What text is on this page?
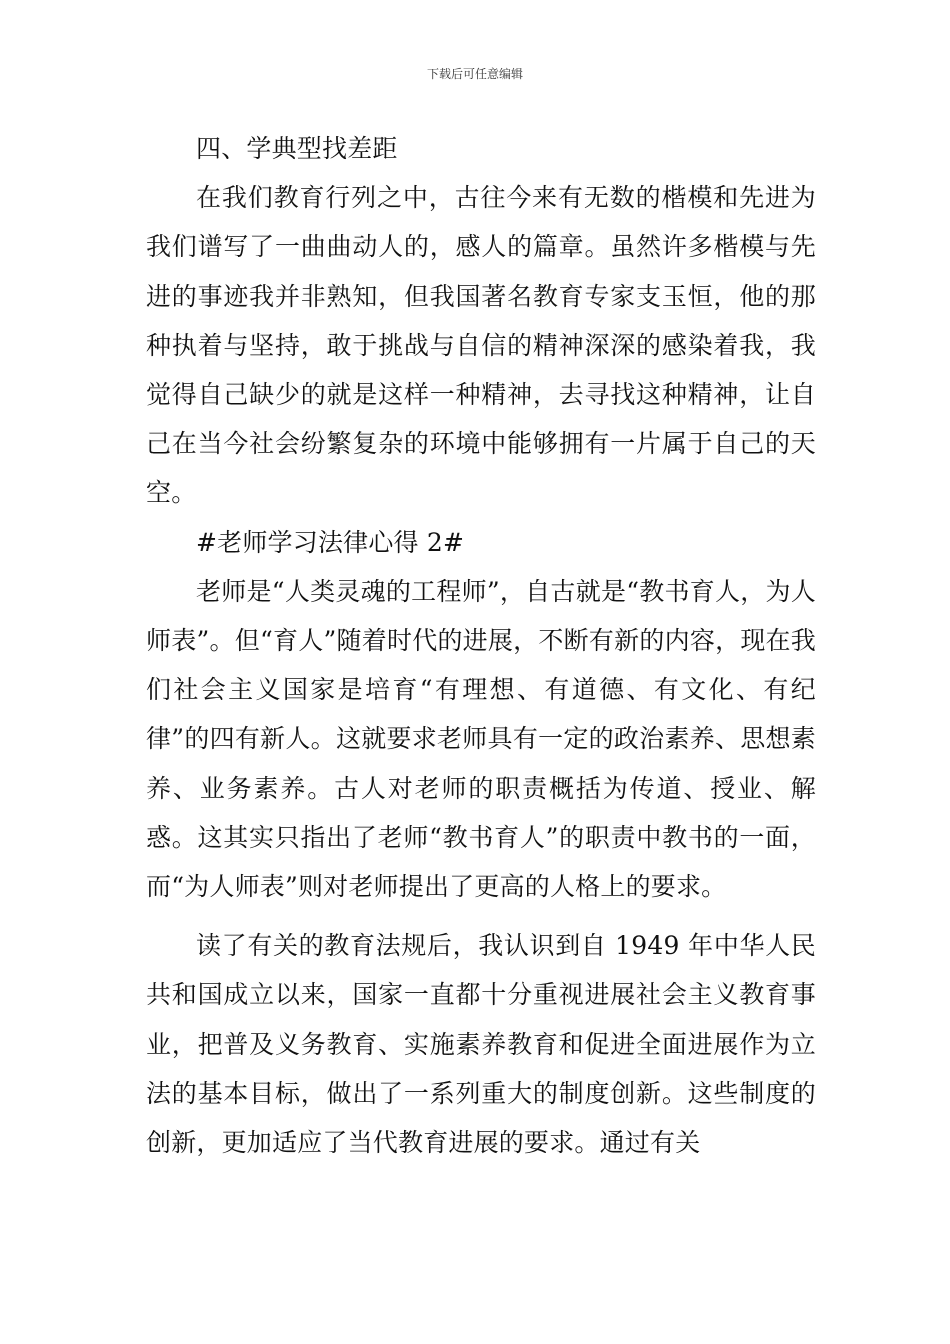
下载后可任意编辑

四、学典型找差距

在我们教育行列之中，古往今来有无数的楷模和先进为我们谱写了一曲曲动人的，感人的篇章。虽然许多楷模与先进的事迹我并非熟知，但我国著名教育专家支玉恒，他的那种执着与坚持，敢于挑战与自信的精神深深的感染着我，我觉得自己缺少的就是这样一种精神，去寻找这种精神，让自己在当今社会纷繁复杂的环境中能够拥有一片属于自己的天空。

#老师学习法律心得 2#

老师是“人类灵魂的工程师”，自古就是“教书育人，为人师表”。但“育人”随着时代的进展，不断有新的内容，现在我们社会主义国家是培育“有理想、有道德、有文化、有纪律”的四有新人。这就要求老师具有一定的政治素养、思想素养、业务素养。古人对老师的职责概括为传道、授业、解惑。这其实只指出了老师“教书育人”的职责中教书的一面，而“为人师表”则对老师提出了更高的人格上的要求。

读了有关的教育法规后，我认识到自 1949 年中华人民共和国成立以来，国家一直都十分重视进展社会主义教育事业，把普及义务教育、实施素养教育和促进全面进展作为立法的基本目标，做出了一系列重大的制度创新。这些制度的创新，更加适应了当代教育进展的要求。通过有关
